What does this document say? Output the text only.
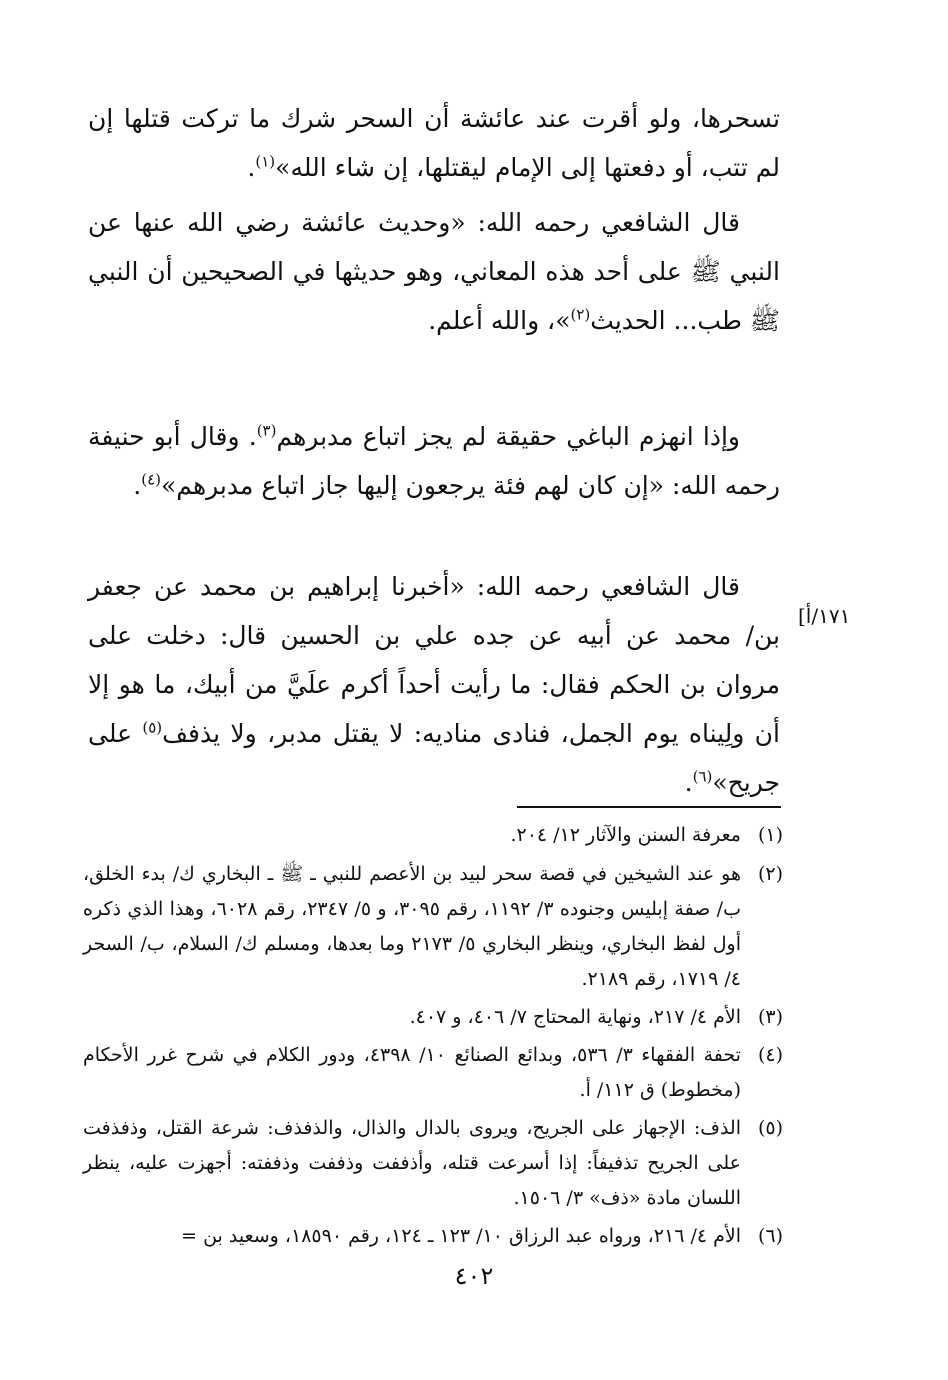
تسحرها، ولو أقرت عند عائشة أن السحر شرك ما تركت قتلها إن لم تتب، أو دفعتها إلى الإمام ليقتلها، إن شاء الله»$^{(١)}$.

قال الشافعي رحمه الله: «وحديث عائشة رضي الله عنها عن النبي ﷺ على أحد هذه المعاني، وهو حديثها في الصحيحين أن النبي ﷺ طب... الحديث$^{(٢)}$»، والله أعلم.

وإذا انهزم الباغي حقيقة لم يجز اتباع مدبرهم$^{(٣)}$. وقال أبو حنيفة رحمه الله: «إن كان لهم فئة يرجعون إليها جاز اتباع مدبرهم»$^{(٤)}$.

قال الشافعي رحمه الله: «أخبرنا إبراهيم بن محمد عن جعفر بن/ محمد عن أبيه عن جده علي بن الحسين قال: دخلت على مروان بن الحكم فقال: ما رأيت أحداً أكرم علَيَّ من أبيك، ما هو إلا أن ولِيناه يوم الجمل، فنادى مناديه: لا يقتل مدبر، ولا يذفف$^{(٥)}$ على جريح»$^{(٦)}$.

١٧١/أ]
(١)
معرفة السنن والآثار ١٢/ ٢٠٤.
(٢)
هو عند الشيخين في قصة سحر لبيد بن الأعصم للنبي ـ ﷺ ـ البخاري ك/ بدء الخلق، ب/ صفة إبليس وجنوده ٣/ ١١٩٢، رقم ٣٠٩٥، و ٥/ ٢٣٤٧، رقم ٦٠٢٨، وهذا الذي ذكره أول لفظ البخاري، وينظر البخاري ٥/ ٢١٧٣ وما بعدها، ومسلم ك/ السلام، ب/ السحر ٤/ ١٧١٩، رقم ٢١٨٩.
(٣)
الأم ٤/ ٢١٧، ونهاية المحتاج ٧/ ٤٠٦، و ٤٠٧.
(٤)
تحفة الفقهاء ٣/ ٥٣٦، وبدائع الصنائع ١٠/ ٤٣٩٨، ودور الكلام في شرح غرر الأحكام (مخطوط) ق ١١٢/ أ.
(٥)
الذف: الإجهاز على الجريح، ويروى بالدال والذال، والذفذف: شرعة القتل، وذفذفت على الجريح تذفيفاً: إذا أسرعت قتله، وأذففت وذففت وذففته: أجهزت عليه، ينظر اللسان مادة «ذف» ٣/ ١٥٠٦.
(٦)
الأم ٤/ ٢١٦، ورواه عبد الرزاق ١٠/ ١٢٣ ـ ١٢٤، رقم ١٨٥٩٠، وسعيد بن =
٤٠٢
